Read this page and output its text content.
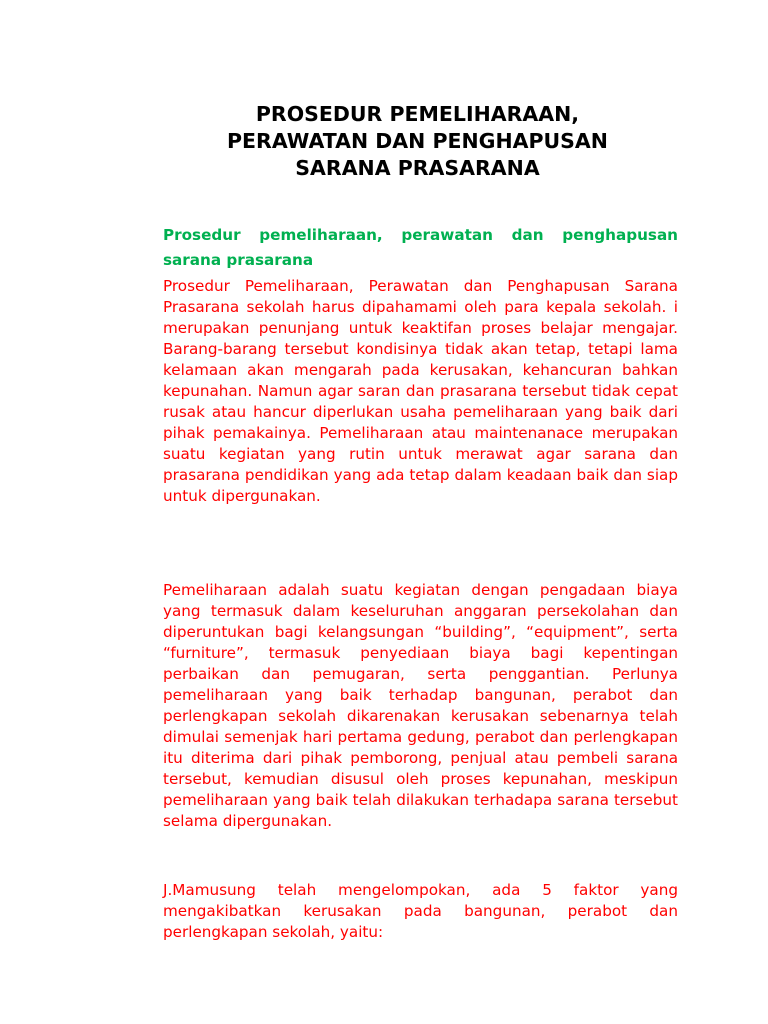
PROSEDUR PEMELIHARAAN,
PERAWATAN DAN PENGHAPUSAN
SARANA PRASARANA
Prosedur pemeliharaan, perawatan dan penghapusan sarana prasarana
Prosedur Pemeliharaan, Perawatan dan Penghapusan Sarana Prasarana sekolah harus dipahamami oleh para kepala sekolah. i merupakan penunjang untuk keaktifan proses belajar mengajar. Barang-barang tersebut kondisinya tidak akan tetap, tetapi lama kelamaan akan mengarah pada kerusakan, kehancuran bahkan kepunahan. Namun agar saran dan prasarana tersebut tidak cepat rusak atau hancur diperlukan usaha pemeliharaan yang baik dari pihak pemakainya. Pemeliharaan atau maintenanace merupakan suatu kegiatan yang rutin untuk merawat agar sarana dan prasarana pendidikan yang ada tetap dalam keadaan baik dan siap untuk dipergunakan.
Pemeliharaan adalah suatu kegiatan dengan pengadaan biaya yang termasuk dalam keseluruhan anggaran persekolahan dan diperuntukan bagi kelangsungan “building”, “equipment”, serta “furniture”, termasuk penyediaan biaya bagi kepentingan perbaikan dan pemugaran, serta penggantian. Perlunya pemeliharaan yang baik terhadap bangunan, perabot dan perlengkapan sekolah dikarenakan kerusakan sebenarnya telah dimulai semenjak hari pertama gedung, perabot dan perlengkapan itu diterima dari pihak pemborong, penjual atau pembeli sarana tersebut, kemudian disusul oleh proses kepunahan, meskipun pemeliharaan yang baik telah dilakukan terhadapa sarana tersebut selama dipergunakan.
J.Mamusung telah mengelompokan, ada 5 faktor yang mengakibatkan kerusakan pada bangunan, perabot dan perlengkapan sekolah, yaitu:
